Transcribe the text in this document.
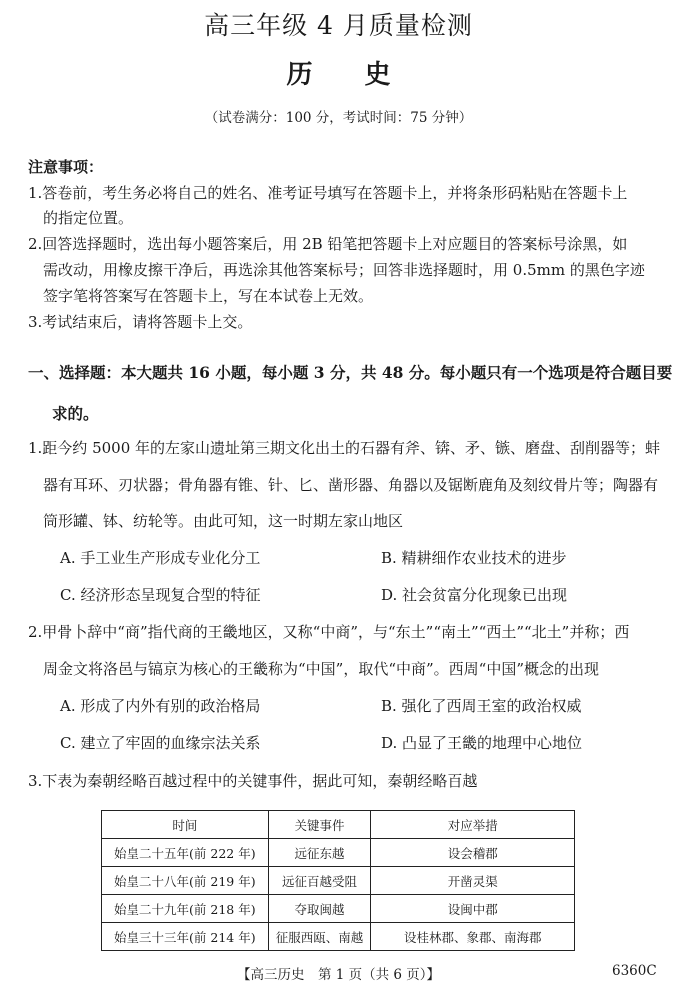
高三年级 4 月质量检测
历 史
（试卷满分：100 分，考试时间：75 分钟）
注意事项：
1.答卷前，考生务必将自己的姓名、准考证号填写在答题卡上，并将条形码粘贴在答题卡上
的指定位置。
2.回答选择题时，选出每小题答案后，用 2B 铅笔把答题卡上对应题目的答案标号涂黑，如
需改动，用橡皮擦干净后，再选涂其他答案标号；回答非选择题时，用 0.5mm 的黑色字迹
签字笔将答案写在答题卡上，写在本试卷上无效。
3.考试结束后，请将答题卡上交。
一、选择题：本大题共 16 小题，每小题 3 分，共 48 分。每小题只有一个选项是符合题目要
求的。
1.距今约 5000 年的左家山遗址第三期文化出土的石器有斧、锛、矛、镞、磨盘、刮削器等；蚌
器有耳环、刃状器；骨角器有锥、针、匕、凿形器、角器以及锯断鹿角及刻纹骨片等；陶器有
筒形罐、钵、纺轮等。由此可知，这一时期左家山地区
A. 手工业生产形成专业化分工	B. 精耕细作农业技术的进步
C. 经济形态呈现复合型的特征	D. 社会贫富分化现象已出现
2.甲骨卜辞中“商”指代商的王畿地区，又称“中商”，与“东土”“南土”“西土”“北土”并称；西
周金文将洛邑与镐京为核心的王畿称为“中国”，取代“中商”。西周“中国”概念的出现
A. 形成了内外有别的政治格局	B. 强化了西周王室的政治权威
C. 建立了牢固的血缘宗法关系	D. 凸显了王畿的地理中心地位
3.下表为秦朝经略百越过程中的关键事件，据此可知，秦朝经略百越
时间	关键事件	对应举措
始皇二十五年(前 222 年)	远征东越	设会稽郡
始皇二十八年(前 219 年)	远征百越受阻	开凿灵渠
始皇二十九年(前 218 年)	夺取闽越	设闽中郡
始皇三十三年(前 214 年)	征服西瓯、南越	设桂林郡、象郡、南海郡
【高三历史　第 1 页（共 6 页）】	6360C
